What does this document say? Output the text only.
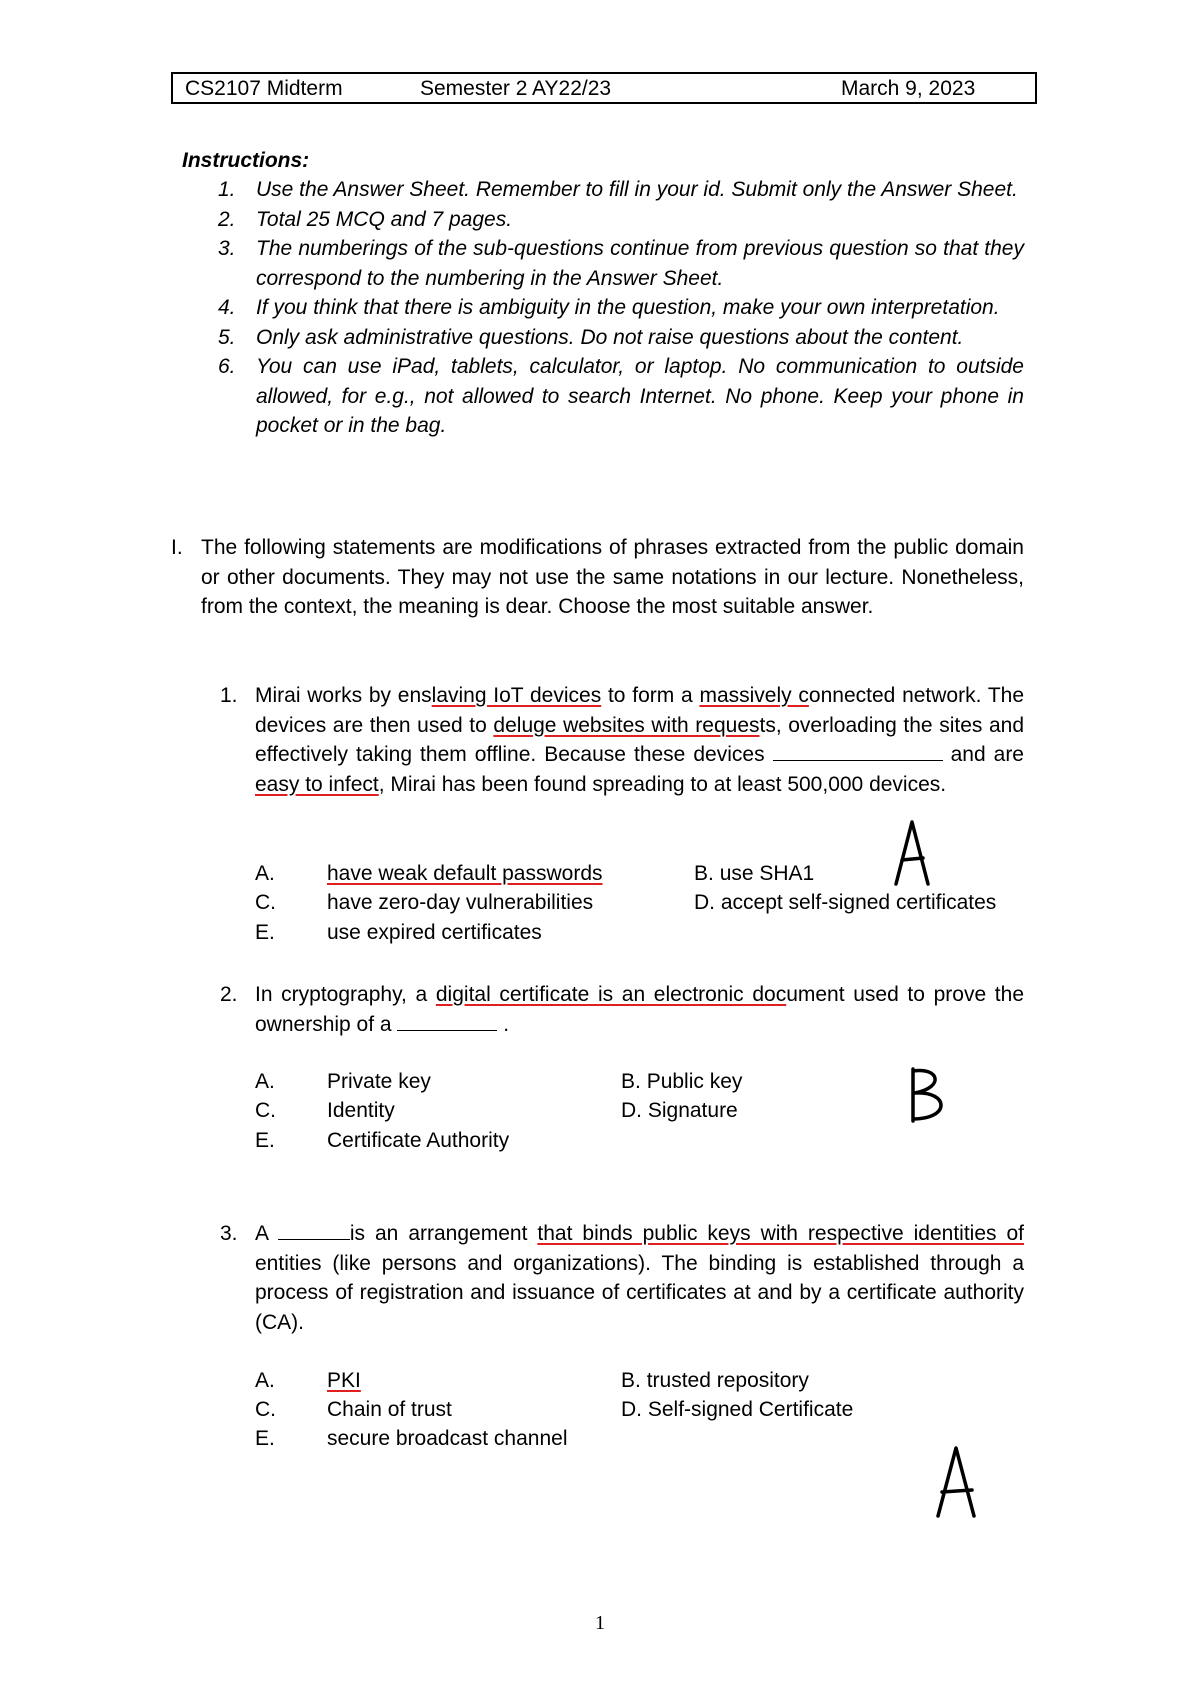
CS2107 Midterm	Semester 2 AY22/23	March 9, 2023
Instructions:
1. Use the Answer Sheet. Remember to fill in your id. Submit only the Answer Sheet.
2. Total 25 MCQ and 7 pages.
3. The numberings of the sub-questions continue from previous question so that they correspond to the numbering in the Answer Sheet.
4. If you think that there is ambiguity in the question, make your own interpretation.
5. Only ask administrative questions. Do not raise questions about the content.
6. You can use iPad, tablets, calculator, or laptop. No communication to outside allowed, for e.g., not allowed to search Internet. No phone. Keep your phone in pocket or in the bag.
I. The following statements are modifications of phrases extracted from the public domain or other documents. They may not use the same notations in our lecture. Nonetheless, from the context, the meaning is dear. Choose the most suitable answer.
1. Mirai works by enslaving IoT devices to form a massively connected network. The devices are then used to deluge websites with requests, overloading the sites and effectively taking them offline. Because these devices	and are easy to infect, Mirai has been found spreading to at least 500,000 devices.
A. have weak default passwords	B. use SHA1
C. have zero-day vulnerabilities	D. accept self-signed certificates
E. use expired certificates
2. In cryptography, a digital certificate is an electronic document used to prove the ownership of a	.
A. Private key	B. Public key
C. Identity	D. Signature
E. Certificate Authority
3. A	is an arrangement that binds public keys with respective identities of entities (like persons and organizations). The binding is established through a process of registration and issuance of certificates at and by a certificate authority (CA).
A. PKI	B. trusted repository
C. Chain of trust	D. Self-signed Certificate
E. secure broadcast channel
1
